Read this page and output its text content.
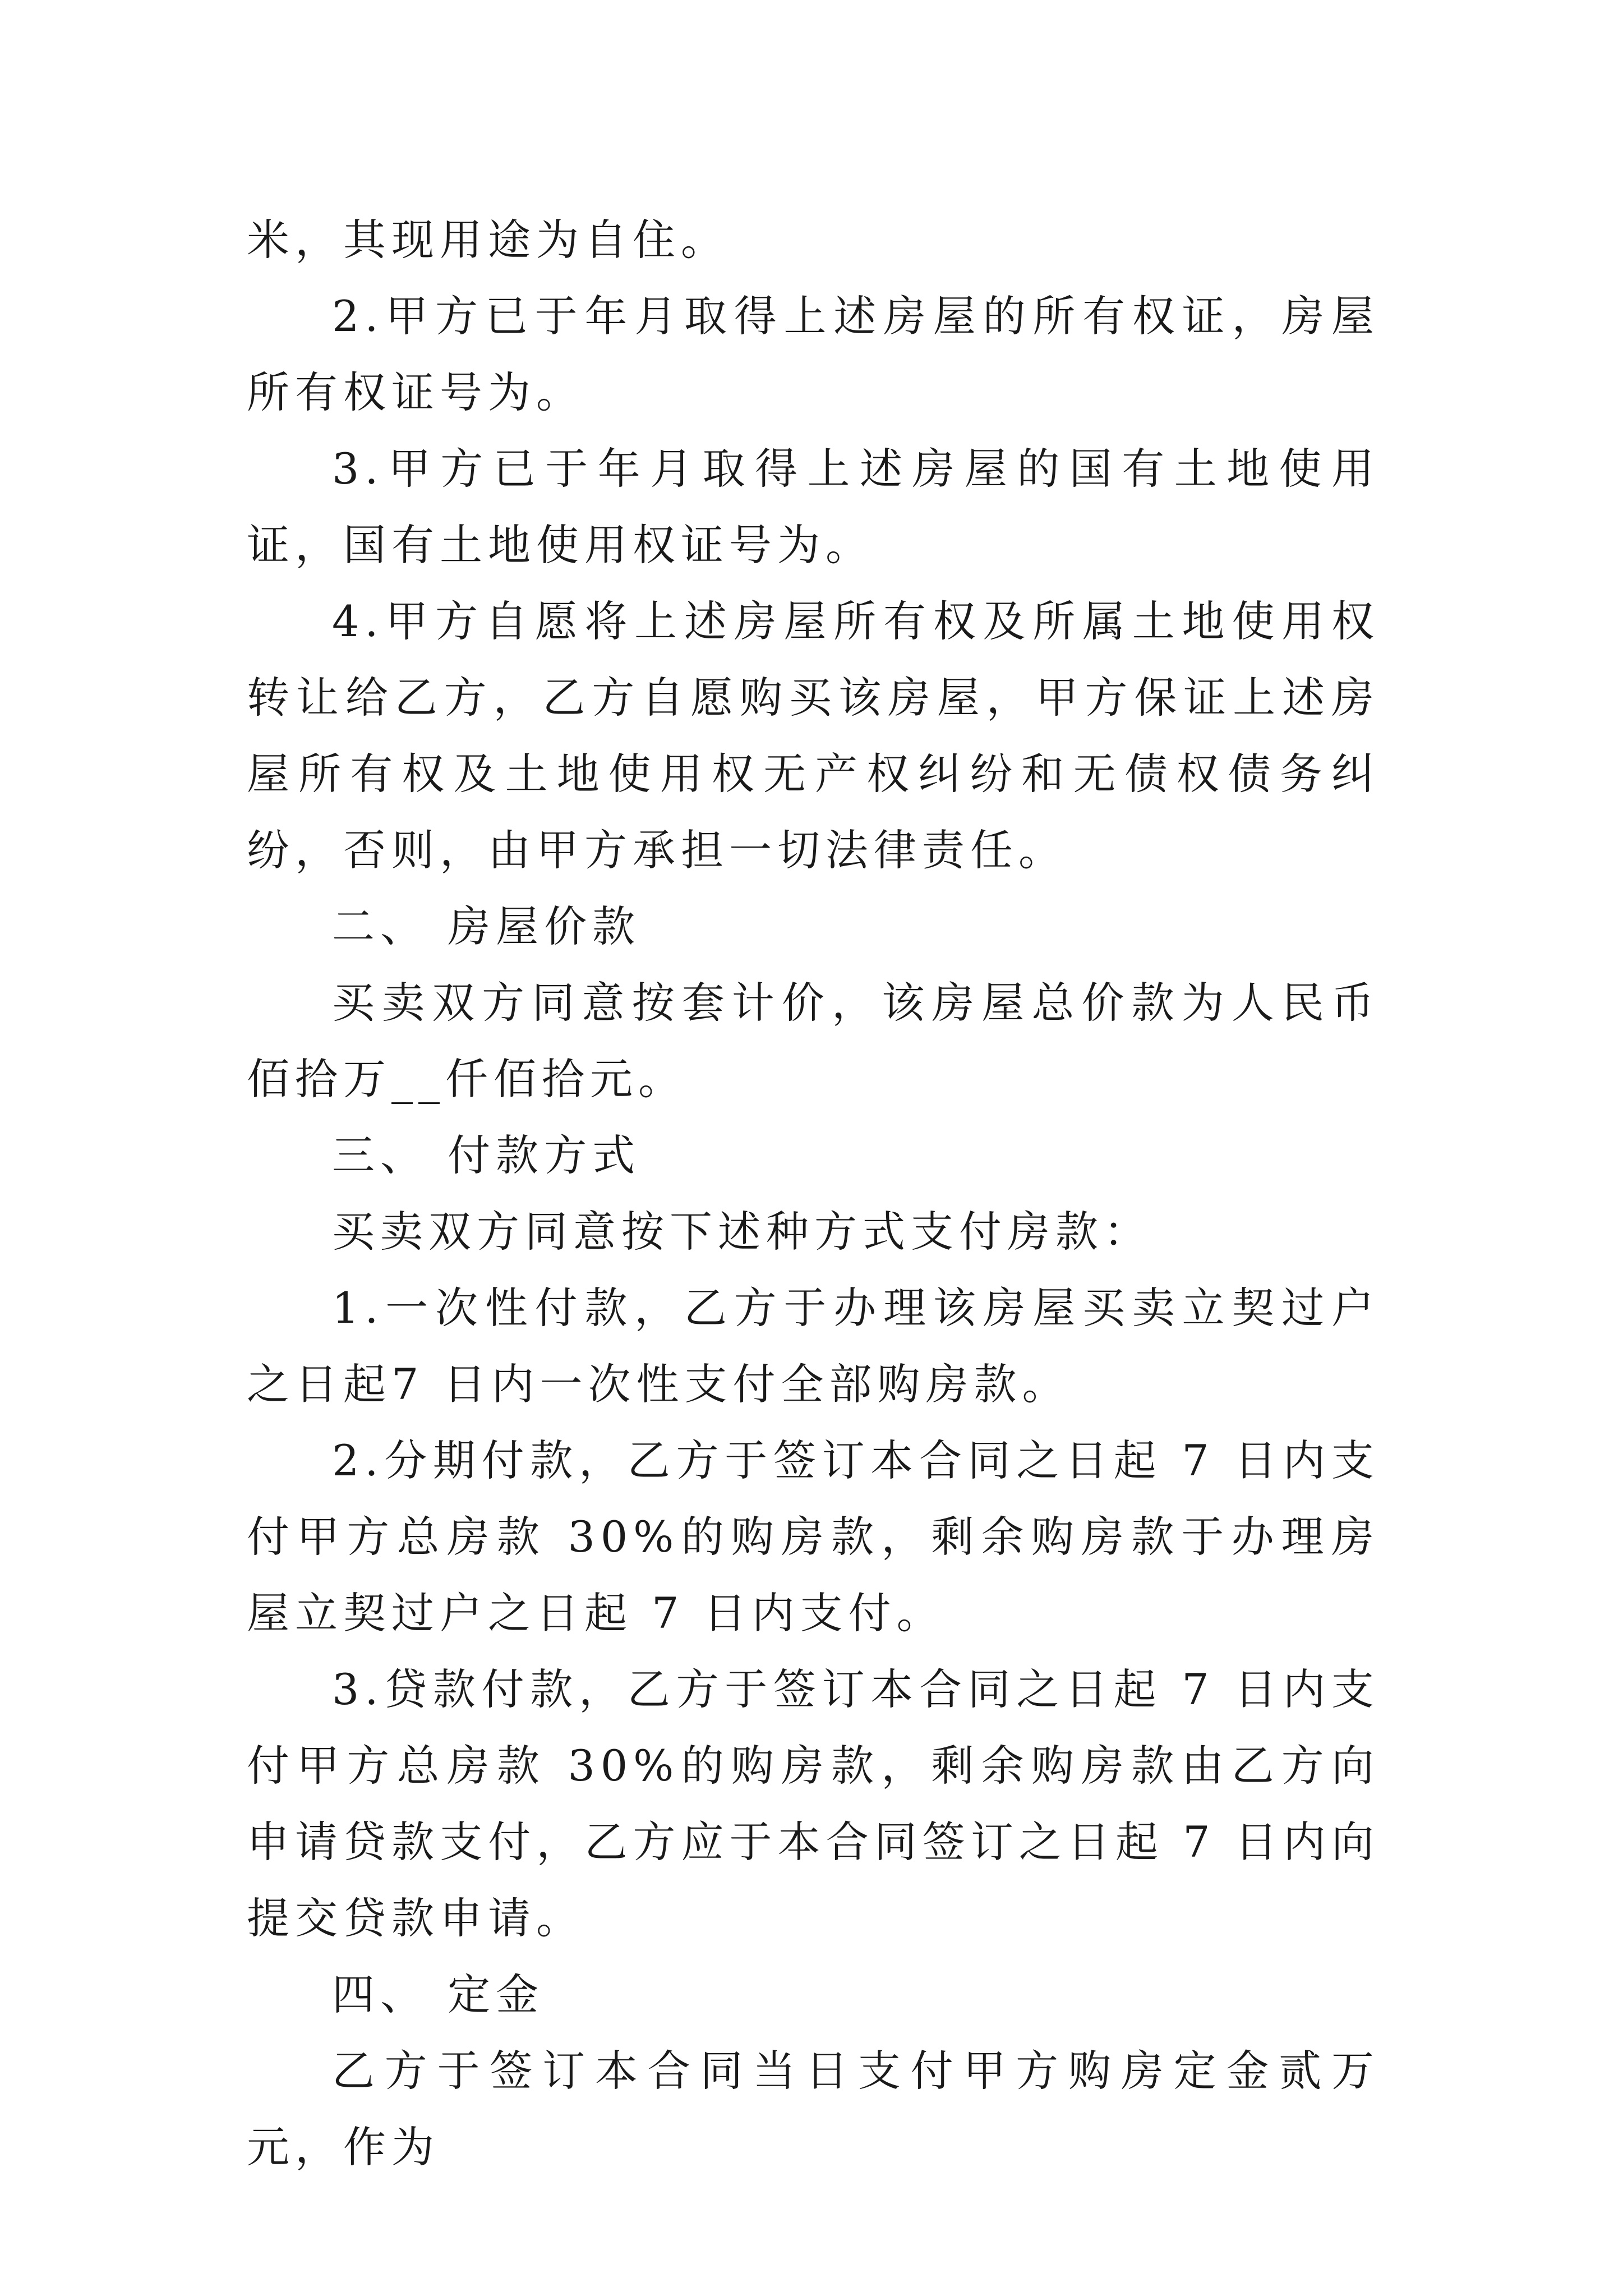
米，其现用途为自住。

2.甲方已于年月取得上述房屋的所有权证，房屋所有权证号为。

3.甲方已于年月取得上述房屋的国有土地使用证，国有土地使用权证号为。

4.甲方自愿将上述房屋所有权及所属土地使用权转让给乙方，乙方自愿购买该房屋，甲方保证上述房屋所有权及土地使用权无产权纠纷和无债权债务纠纷，否则，由甲方承担一切法律责任。

二、 房屋价款

买卖双方同意按套计价，该房屋总价款为人民币佰拾万__仟佰拾元。

三、 付款方式

买卖双方同意按下述种方式支付房款：

1.一次性付款，乙方于办理该房屋买卖立契过户之日起7 日内一次性支付全部购房款。

2.分期付款，乙方于签订本合同之日起 7 日内支付甲方总房款 30%的购房款，剩余购房款于办理房屋立契过户之日起 7 日内支付。

3.贷款付款，乙方于签订本合同之日起 7 日内支付甲方总房款 30%的购房款，剩余购房款由乙方向申请贷款支付，乙方应于本合同签订之日起 7 日内向提交贷款申请。

四、 定金

乙方于签订本合同当日支付甲方购房定金贰万元，作为
